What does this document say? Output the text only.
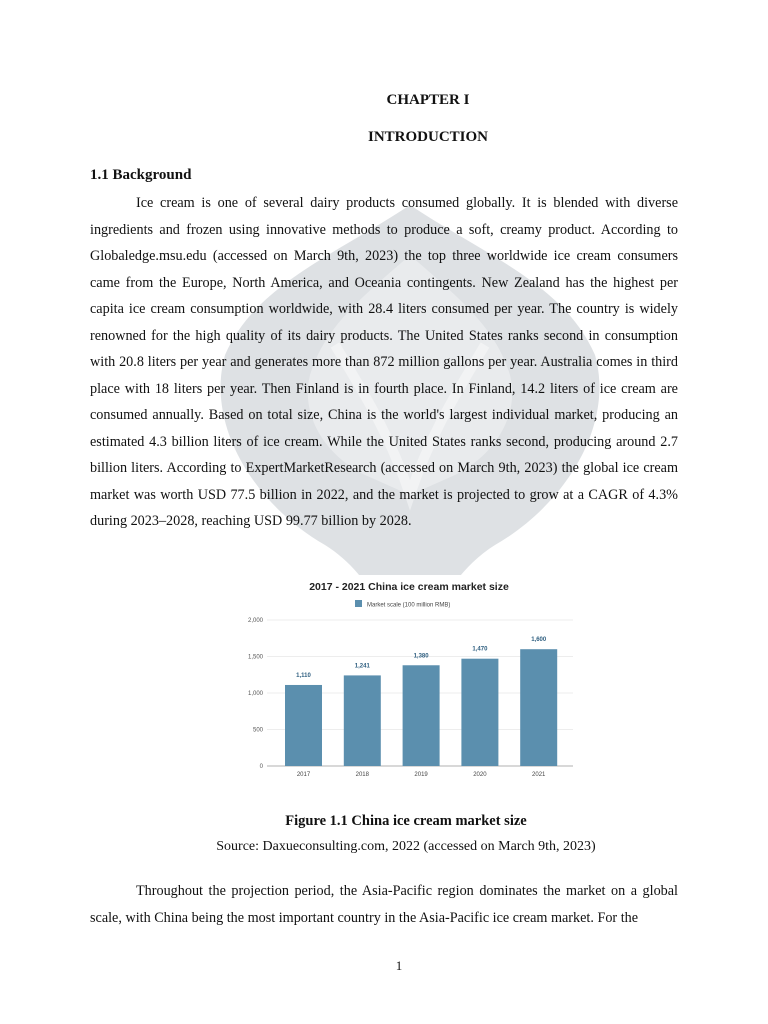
CHAPTER I
INTRODUCTION
1.1 Background

Ice cream is one of several dairy products consumed globally. It is blended with diverse ingredients and frozen using innovative methods to produce a soft, creamy product. According to Globaledge.msu.edu (accessed on March 9th, 2023) the top three worldwide ice cream consumers came from the Europe, North America, and Oceania contingents. New Zealand has the highest per capita ice cream consumption worldwide, with 28.4 liters consumed per year. The country is widely renowned for the high quality of its dairy products. The United States ranks second in consumption with 20.8 liters per year and generates more than 872 million gallons per year. Australia comes in third place with 18 liters per year. Then Finland is in fourth place. In Finland, 14.2 liters of ice cream are consumed annually. Based on total size, China is the world's largest individual market, producing an estimated 4.3 billion liters of ice cream. While the United States ranks second, producing around 2.7 billion liters. According to ExpertMarketResearch (accessed on March 9th, 2023) the global ice cream market was worth USD 77.5 billion in 2022, and the market is projected to grow at a CAGR of 4.3% during 2023–2028, reaching USD 99.77 billion by 2028.

2017 - 2021 China ice cream market size
Market scale (100 million RMB)
0
500
1,000
1,500
2,000
1,110
2017
1,241
2018
1,380
2019
1,470
2020
1,600
2021
Figure 1.1 China ice cream market size
Source: Daxueconsulting.com, 2022 (accessed on March 9th, 2023)

Throughout the projection period, the Asia-Pacific region dominates the market on a global scale, with China being the most important country in the Asia-Pacific ice cream market. For the

1
